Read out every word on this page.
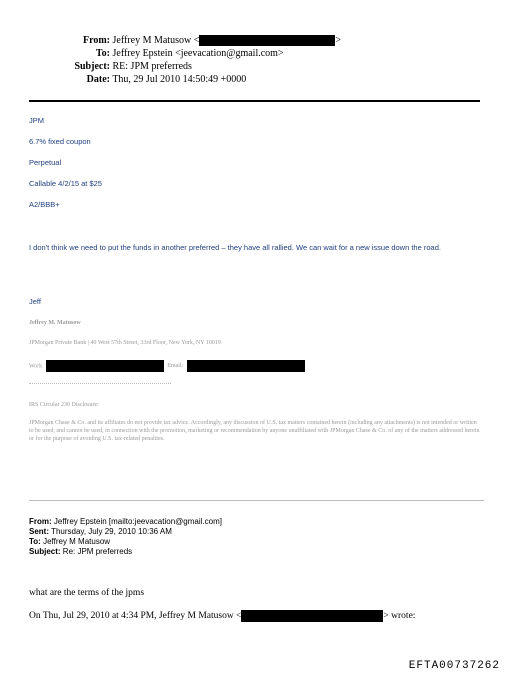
From: Jeffrey M Matusow <	>
To: Jeffrey Epstein <jeevacation@gmail.com>
Subject: RE: JPM preferreds
Date: Thu, 29 Jul 2010 14:50:49 +0000
JPM
6.7% fixed coupon
Perpetual
Callable 4/2/15 at $25
A2/BBB+
I don't think we need to put the funds in another preferred – they have all rallied. We can wait for a new issue down the road.
Jeff
Jeffrey M. Matusow
JPMorgan Private Bank | 40 West 57th Street, 33rd Floor, New York, NY 10019
Work	Email:
IRS Circular 230 Disclosure:
JPMorgan Chase & Co. and its affiliates do not provide tax advice. Accordingly, any discussion of U.S. tax matters contained herein (including any attachments) is not intended or written to be used, and cannot be used, in connection with the promotion, marketing or recommendation by anyone unaffiliated with JPMorgan Chase & Co. of any of the matters addressed herein or for the purpose of avoiding U.S. tax-related penalties.
From: Jeffrey Epstein [mailto:jeevacation@gmail.com]
Sent: Thursday, July 29, 2010 10:36 AM
To: Jeffrey M Matusow
Subject: Re: JPM preferreds
what are the terms of the jpms
On Thu, Jul 29, 2010 at 4:34 PM, Jeffrey M Matusow <	> wrote:
EFTA00737262
